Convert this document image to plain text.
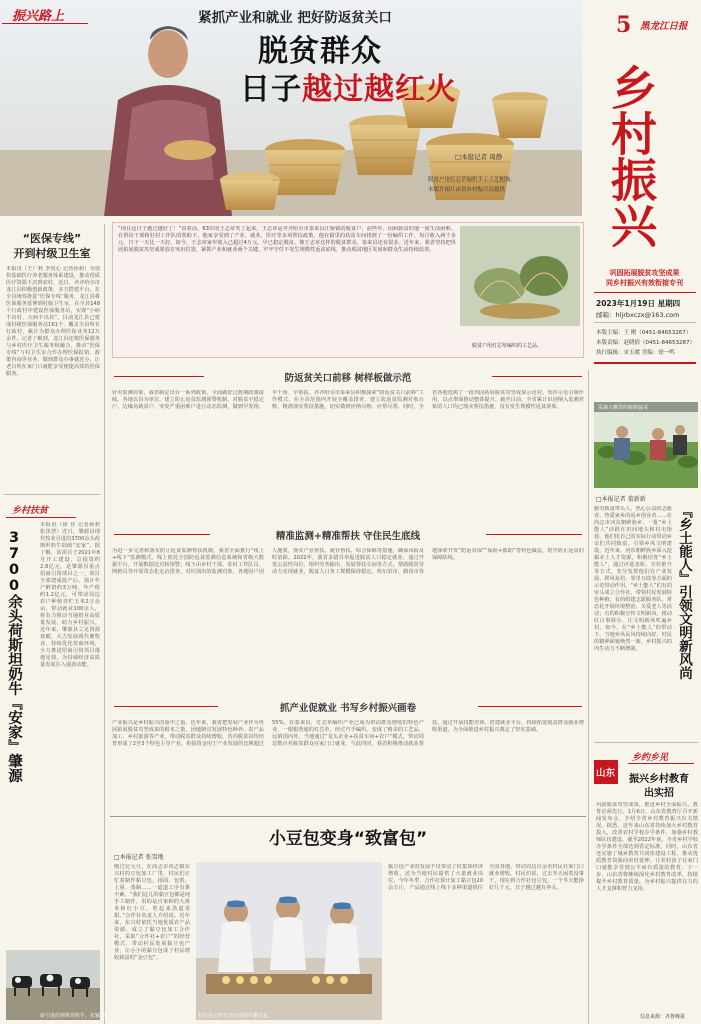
振兴路上	紧抓产业和就业 把好防返贫关口
脱贫群众
日子越过越红火
□本报记者 周静
脱贫户用灯芯草编织手工工艺帽饰。
本版许图片由省乡村振兴局提供
5 黑龙江日报
乡村振兴
巩固拓展脱贫攻坚成果
同乡村振兴有效衔接专刊
2023年1月19日 星期四
邮箱：hljrbxczx@163.com
本版主编：王 刚（0451-84653267）
本版责编：赵晓倩（0451-84653287）
执行编辑：宋玉媛 美编：徐一鸣
“医保专线”
开到村级卫生室
本报讯（王广秋 李悦心 记者孙莉）为加快基础医疗养老服务体系建设，推动优质医疗资源下沉到农村，近日，齐齐哈尔市龙江县积极创新政策、多方搭建平台，在全县统筹推进“医保专线”服务，龙江县将医保服务延伸到村级卫生室，在全县148个行政村中建设医保服务站，实现“小病不出村、大病不出县”。目前龙江县已建成村级医保服务站161个，覆盖全县所有行政村，累计为群众办理医保业务12万余件。记者了解到，龙江县还将医保服务与乡村医疗卫生服务相融合，推动“医保专线”与村卫生室合作办理医保报销、政策咨询等业务，做到群众办事就近办，让老百姓在家门口就能享受便捷高效的医保服务。
乡村扶贫
3700余头荷斯坦奶牛『安家』肇源
本报讯（徐 佳 记者孙莉 张泽慧）近日，肇源县现代牧业引进的3700余头荷斯坦奶牛陆续“安家”。据了解，该项目于2021年8月开工建设，总投资约2.8亿元，是肇源县重点招商引资项目之一。项目全部建成投产后，预计年产鲜奶约3万吨，年产值约1.2亿元，可带动周边农户种植青贮玉米2万余亩，带动就业100余人，将有力推动当地奶业高质量发展，助力乡村振兴。近年来，肇源县立足资源禀赋，大力发展现代畜牧业，持续优化营商环境，全力推进招商引资项目落地见效，为县域经济高质量发展注入强劲动能。
新引进的荷斯坦奶牛。张颖 摄
“现在这日子越过越好了！”说着话，63岁的王志章笑了起来。王志章是齐齐哈尔市泰来县江桥镇的脱贫户，前些年，因病致贫的他一度生活困难。在帮扶干部和驻村工作队的帮助下，他家享受到了产业、就业、医疗等多项帮扶政策，他在镇里的扶贫车间找到了一份编织工作，每月收入两千多元，日子一天比一天好。如今，王志章家年收入已超过4万元，早已稳定脱贫。像王志章这样的脱贫群众，泰来县还有很多。近年来，我省坚持把巩固拓展脱贫攻坚成果放在突出位置，紧抓产业和就业两个关键，牢牢守住不发生规模性返贫底线，推动脱贫地区发展和群众生活持续改善。
脱贫户用灯芯草编织的工艺品。
防返贫关口前移 树样板做示范
针对监测对象，我省制定出台一系列政策，全面做好过渡期政策接续。各地以县为单位，建立防止返贫监测预警机制，对脱贫不稳定户、边缘易致贫户、突发严重困难户进行动态监测，做到早发现、早干预、早帮扶。齐齐哈尔市泰来县积极探索“防返贫关口前移”工作模式，在全县范围内开展全覆盖排查，建立防返贫监测对象台账，精准落实帮扶措施，切实做到应纳尽纳、应帮尽帮。同时，全省各地选树了一批巩固拓展脱贫攻坚成果示范村，发挥示范引领作用，以点带面推动整体提升。截至目前，全省累计识别纳入监测对象的人口均已落实帮扶措施，没有发生规模性返贫现象。
精准监测+精准帮扶 守住民生底线
为进一步完善和落实防止返贫监测帮扶机制，我省全面推行“线上+线下”监测模式。线上依托全国防返贫监测信息系统和省级大数据平台，开展数据比对和预警；线下由乡村干部、驻村工作队员、网格员等开展常态化走访排查。对识别出的监测对象，各地因户因人施策，落实产业帮扶、就业帮扶、综合保障等措施，确保风险及时消除。2022年，我省多措并举促进脱贫人口稳定就业，通过开发公益性岗位、组织劳务输出、发展帮扶车间等方式，帮助脱贫劳动力实现就业，脱贫人口务工规模保持稳定。哈尔滨市、鹤岗市等地探索开发“防返贫保”“保险+救助”等特色做法，筑牢防止返贫的保障防线。
抓产业促就业 书写乡村振兴画卷
产业振兴是乡村振兴的重中之重。近年来，我省把发展产业作为巩固拓展脱贫攻坚成果的根本之策，因地制宜发展特色种养、农产品加工、乡村旅游等产业，带动脱贫群众持续增收。省内脱贫县均培育形成了2至3个特色主导产业，衔接资金用于产业发展的比例超过55%。在泰来县，灯芯草编织产业已成为带动群众增收的特色产业，一根根普通的灯芯草，经过巧手编织，变成了精美的工艺品，远销国内外。当地通过“龙头企业+扶贫车间+农户”模式，带动周边数百名脱贫群众在家门口就业。与此同时，我省积极推动就业帮扶，通过开展技能培训、搭建就业平台，持续拓宽脱贫群众就业增收渠道，为全面推进乡村振兴奠定了坚实基础。
小豆包变身“致富包”
□本报记者 张雪地
刚过完元旦，在尚志市尚志镇东兴村的豆包加工厂里，村民们正忙着制作黏豆包。揉面、包馅、上屉、蒸制……一道道工序有条不紊。“我们这儿的黏豆包都是纯手工制作，用的是自家种的大黄米和红小豆，吃起来劲道香甜。”合作社负责人介绍说。近年来，东兴村依托当地优质农产品资源，成立了黏豆包加工合作社，采取“合作社+农户”的经营模式，带动村民发展黏豆包产业，让小小的黏豆包成了村民增收致富的“金豆包”。
村民在合作社车间里制作黏豆包。
黏豆包产业的发展不仅带动了村集体经济增收，还为当地村民提供了大量就业岗位。今年冬季，合作社预计加工黏豆包20余万斤，产品通过线上线下多种渠道销往全国各地，带动周边百余名村民在家门口就业增收。村民们说，过去冬天闲着没事干，现在到合作社包豆包，一个冬天能挣好几千元，日子越过越有奔头。
采摘大棚里的新鲜蔬菜
□本报记者 董新新
『乡土能人』引领文明新风尚
勤劳致富带头人、热心公益的志愿者、热爱家乡的返乡创业者……在尚志市河东朝鲜族乡，一批“乡土能人”活跃在田间地头和村屯街巷。他们用自己的实际行动带动乡亲们共同致富，引领乡风文明建设。近年来，河东朝鲜族乡深入挖掘本土人才资源，积极培育“乡土能人”，通过评选表彰、宣传推介等方式，充分发挥他们在产业发展、移风易俗、邻里互助等方面的示范带动作用。“乡土能人”们有的牵头成立合作社，带领村民发展特色种植；有的组建志愿服务队，常态化开展环境整治、关爱老人等活动；有的积极宣传文明新风，推动红白事简办，让文明新风吹遍乡村。如今，在“乡土能人”的带动下，当地乡风民风持续向好，村民的精神面貌焕然一新，乡村振兴的内生动力不断增强。
乡约乡见
山东
振兴乡村教育
出实招
巩固脱贫攻坚成果，推进乡村全面振兴，教育必须先行。1月6日，山东省教育厅召开新闻发布会，介绍全省乡村教育振兴有关情况。据悉，近年来山东省持续加大乡村教育投入，改善农村学校办学条件，加强乡村教师队伍建设，截至2022年底，全省乡村学校办学条件全部达到省定标准。同时，山东省还实施了城乡教育共同体建设工程，推动优质教育资源向农村延伸，让农村孩子在家门口就能享受到公平而有质量的教育。下一步，山东省将继续深化乡村教育改革，持续提升乡村教育质量，为乡村振兴提供有力的人才支撑和智力支持。
信息来源：齐鲁晚报
